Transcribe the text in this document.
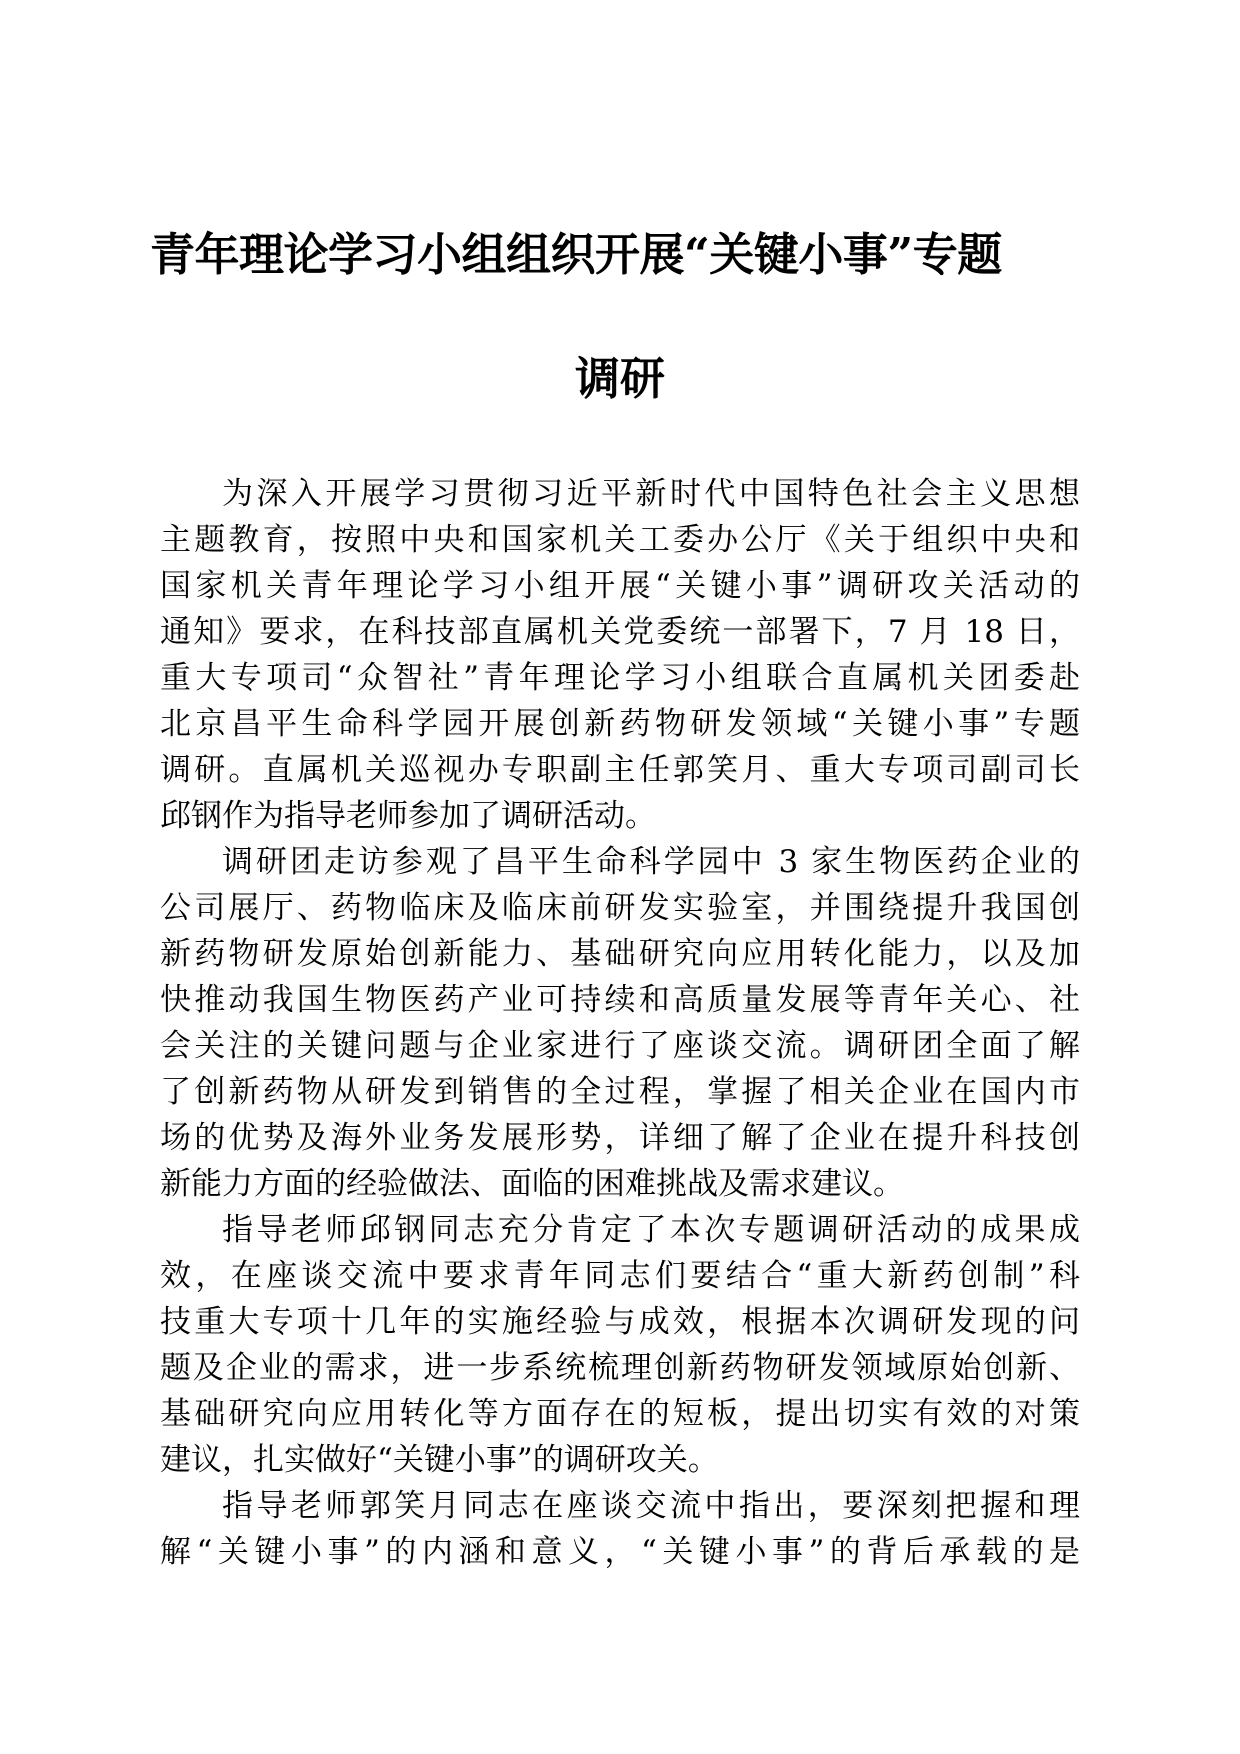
青年理论学习小组组织开展“关键小事”专题
调研
为深入开展学习贯彻习近平新时代中国特色社会主义思想
主题教育，按照中央和国家机关工委办公厅《关于组织中央和
国家机关青年理论学习小组开展“关键小事”调研攻关活动的
通知》要求，在科技部直属机关党委统一部署下，7 月 18 日，
重大专项司“众智社”青年理论学习小组联合直属机关团委赴
北京昌平生命科学园开展创新药物研发领域“关键小事”专题
调研。直属机关巡视办专职副主任郭笑月、重大专项司副司长
邱钢作为指导老师参加了调研活动。
调研团走访参观了昌平生命科学园中 3 家生物医药企业的
公司展厅、药物临床及临床前研发实验室，并围绕提升我国创
新药物研发原始创新能力、基础研究向应用转化能力，以及加
快推动我国生物医药产业可持续和高质量发展等青年关心、社
会关注的关键问题与企业家进行了座谈交流。调研团全面了解
了创新药物从研发到销售的全过程，掌握了相关企业在国内市
场的优势及海外业务发展形势，详细了解了企业在提升科技创
新能力方面的经验做法、面临的困难挑战及需求建议。
指导老师邱钢同志充分肯定了本次专题调研活动的成果成
效，在座谈交流中要求青年同志们要结合“重大新药创制”科
技重大专项十几年的实施经验与成效，根据本次调研发现的问
题及企业的需求，进一步系统梳理创新药物研发领域原始创新、
基础研究向应用转化等方面存在的短板，提出切实有效的对策
建议，扎实做好“关键小事”的调研攻关。
指导老师郭笑月同志在座谈交流中指出，要深刻把握和理
解“关键小事”的内涵和意义，“关键小事”的背后承载的是
